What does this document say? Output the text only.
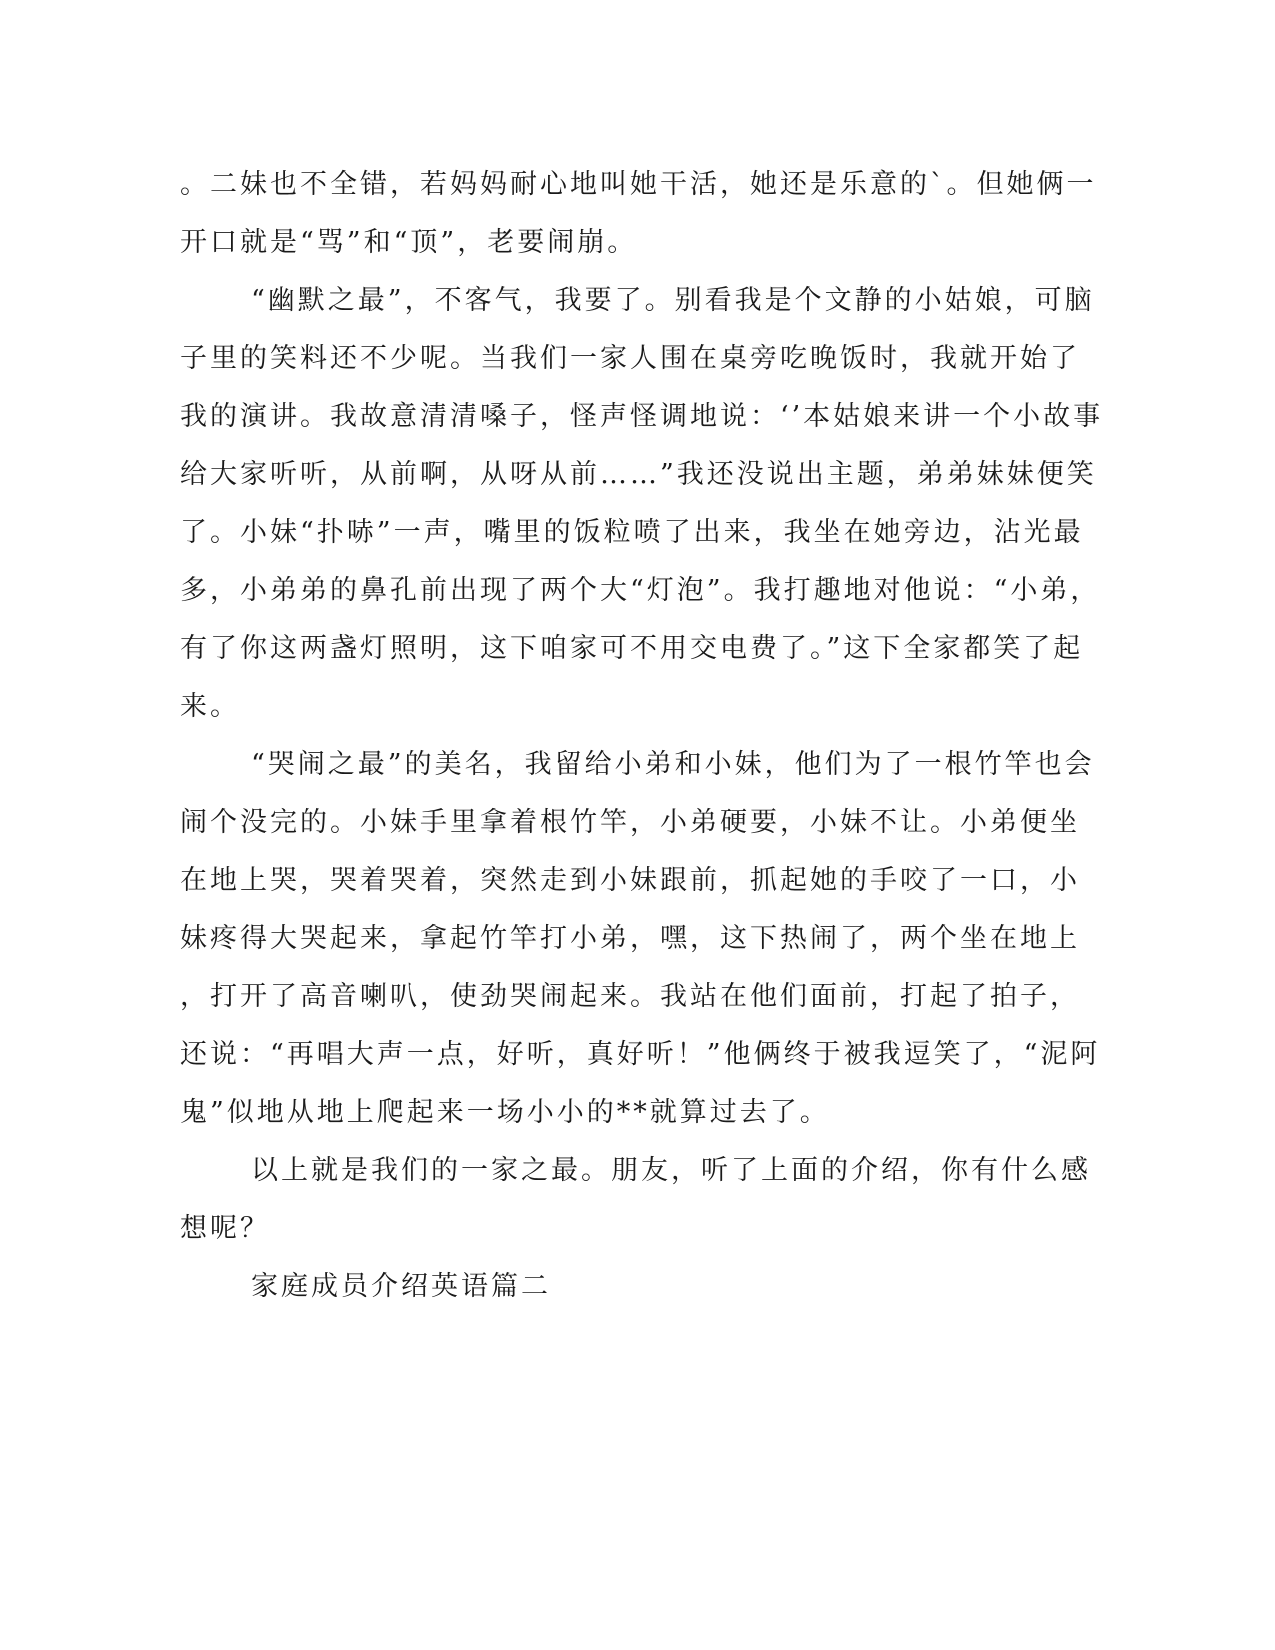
。二妹也不全错，若妈妈耐心地叫她干活，她还是乐意的`。但她俩一
开口就是“骂”和“顶”，老要闹崩。
“幽默之最”，不客气，我要了。别看我是个文静的小姑娘，可脑
子里的笑料还不少呢。当我们一家人围在桌旁吃晚饭时，我就开始了
我的演讲。我故意清清嗓子，怪声怪调地说：‘’本姑娘来讲一个小故事
给大家听听，从前啊，从呀从前……”我还没说出主题，弟弟妹妹便笑
了。小妹“扑哧”一声，嘴里的饭粒喷了出来，我坐在她旁边，沾光最
多，小弟弟的鼻孔前出现了两个大“灯泡”。我打趣地对他说：“小弟，
有了你这两盏灯照明，这下咱家可不用交电费了。”这下全家都笑了起
来。
“哭闹之最”的美名，我留给小弟和小妹，他们为了一根竹竿也会
闹个没完的。小妹手里拿着根竹竿，小弟硬要，小妹不让。小弟便坐
在地上哭，哭着哭着，突然走到小妹跟前，抓起她的手咬了一口，小
妹疼得大哭起来，拿起竹竿打小弟，嘿，这下热闹了，两个坐在地上
，打开了高音喇叭，使劲哭闹起来。我站在他们面前，打起了拍子，
还说：“再唱大声一点，好听，真好听！”他俩终于被我逗笑了，“泥阿
鬼”似地从地上爬起来一场小小的**就算过去了。
以上就是我们的一家之最。朋友，听了上面的介绍，你有什么感
想呢？
家庭成员介绍英语篇二
